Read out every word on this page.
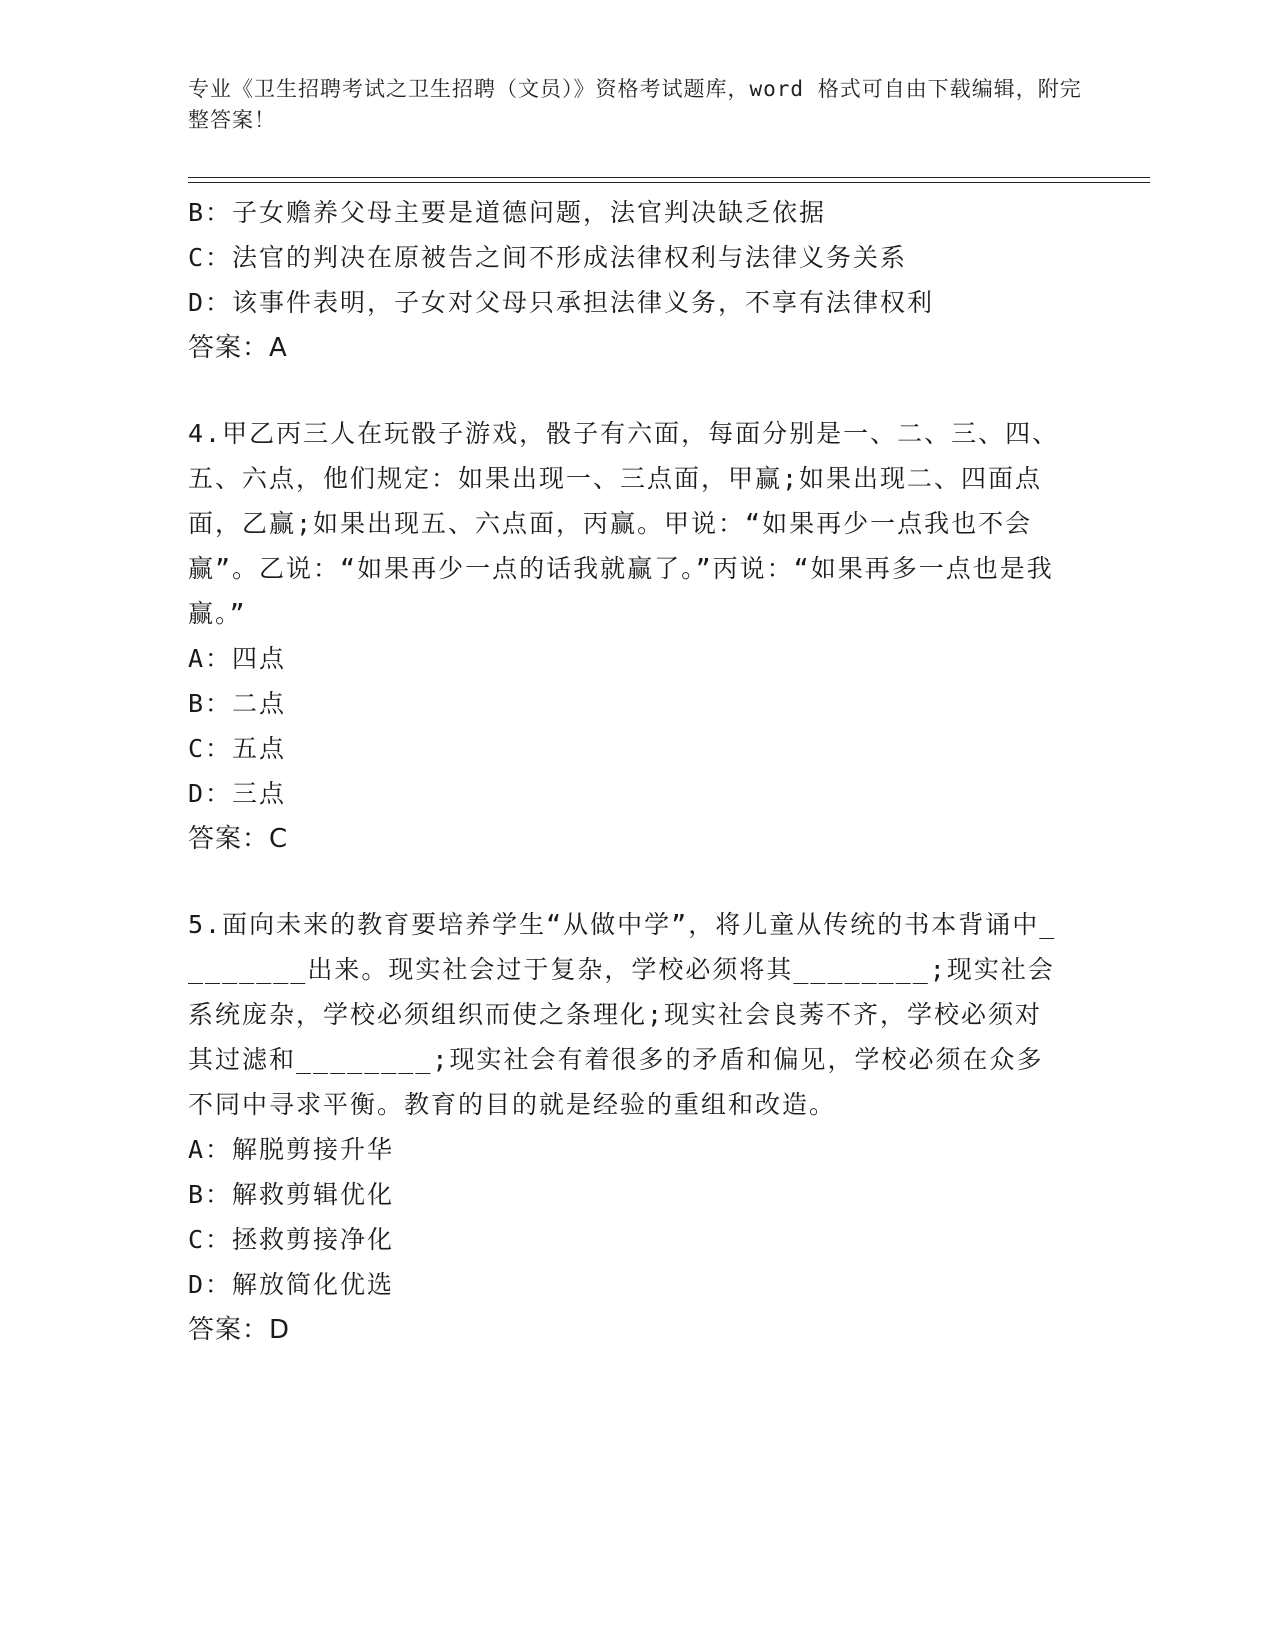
专业《卫生招聘考试之卫生招聘（文员）》资格考试题库，word 格式可自由下载编辑，附完整答案！
B：子女赡养父母主要是道德问题，法官判决缺乏依据
C：法官的判决在原被告之间不形成法律权利与法律义务关系
D：该事件表明，子女对父母只承担法律义务，不享有法律权利
答案：A
4.甲乙丙三人在玩骰子游戏，骰子有六面，每面分别是一、二、三、四、五、六点，他们规定：如果出现一、三点面，甲赢;如果出现二、四面点面，乙赢;如果出现五、六点面，丙赢。甲说：“如果再少一点我也不会赢”。乙说：“如果再少一点的话我就赢了。”丙说：“如果再多一点也是我赢。”
A：四点
B：二点
C：五点
D：三点
答案：C
5.面向未来的教育要培养学生“从做中学”，将儿童从传统的书本背诵中________出来。现实社会过于复杂，学校必须将其________;现实社会系统庞杂，学校必须组织而使之条理化;现实社会良莠不齐，学校必须对其过滤和________;现实社会有着很多的矛盾和偏见，学校必须在众多不同中寻求平衡。教育的目的就是经验的重组和改造。
A：解脱剪接升华
B：解救剪辑优化
C：拯救剪接净化
D：解放简化优选
答案：D
